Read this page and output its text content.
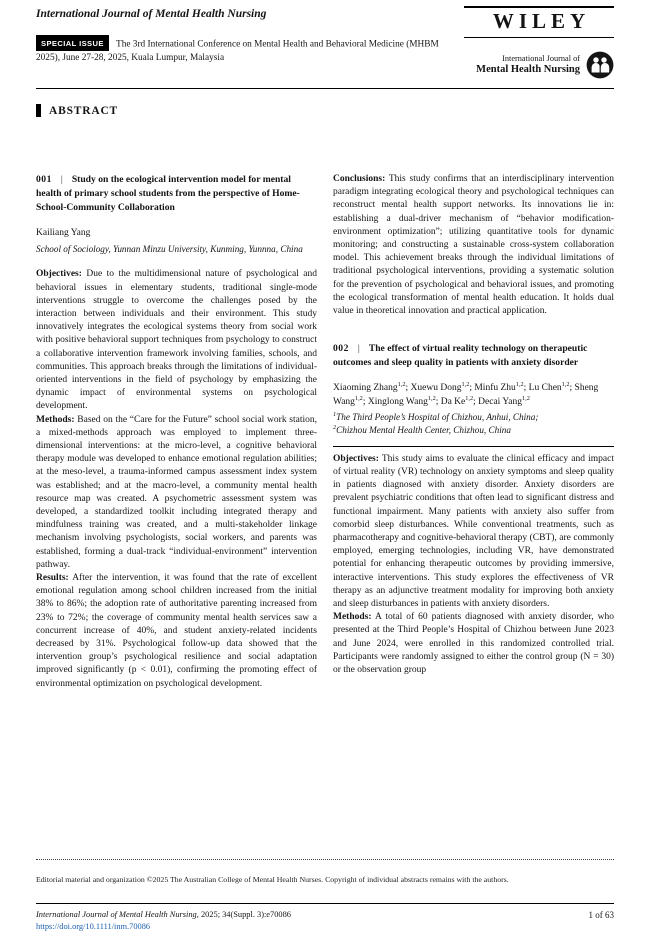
International Journal of Mental Health Nursing

SPECIAL ISSUE The 3rd International Conference on Mental Health and Behavioral Medicine (MHBM 2025), June 27-28, 2025, Kuala Lumpur, Malaysia

WILEY
International Journal of
Mental Health Nursing
ABSTRACT
001 | Study on the ecological intervention model for mental health of primary school students from the perspective of Home-School-Community Collaboration
Kailiang Yang
School of Sociology, Yunnan Minzu University, Kunming, Yunnna, China

Objectives: Due to the multidimensional nature of psychological and behavioral issues in elementary students, traditional single-mode interventions struggle to overcome the challenges posed by the interaction between individuals and their environment. This study innovatively integrates the ecological systems theory from social work with positive behavioral support techniques from psychology to construct a collaborative intervention framework involving families, schools, and communities. This approach breaks through the limitations of individual-oriented interventions in the field of psychology by emphasizing the dynamic impact of environmental systems on psychological development.

Methods: Based on the “Care for the Future” school social work station, a mixed-methods approach was employed to implement three-dimensional interventions: at the micro-level, a cognitive behavioral therapy module was developed to enhance emotional regulation abilities; at the meso-level, a trauma-informed campus assessment index system was established; and at the macro-level, a community mental health resource map was created. A psychometric assessment system was developed, a standardized toolkit including integrated therapy and mindfulness training was created, and a multi-stakeholder linkage mechanism involving psychologists, social workers, and parents was established, forming a dual-track “individual-environment” intervention pathway.

Results: After the intervention, it was found that the rate of excellent emotional regulation among school children increased from the initial 38% to 86%; the adoption rate of authoritative parenting increased from 23% to 72%; the coverage of community mental health services saw a concurrent increase of 40%, and student anxiety-related incidents decreased by 31%. Psychological follow-up data showed that the intervention group’s psychological resilience and social adaptation improved significantly (p < 0.01), confirming the promoting effect of environmental optimization on psychological development.

Conclusions: This study confirms that an interdisciplinary intervention paradigm integrating ecological theory and psychological techniques can reconstruct mental health support networks. Its innovations lie in: establishing a dual-driver mechanism of “behavior modification-environment optimization”; utilizing quantitative tools for dynamic monitoring; and constructing a sustainable cross-system collaboration model. This achievement breaks through the individual limitations of traditional psychological interventions, providing a systematic solution for the prevention of psychological and behavioral issues, and promoting the ecological transformation of mental health education. It holds dual value in theoretical innovation and practical application.

002 | The effect of virtual reality technology on therapeutic outcomes and sleep quality in patients with anxiety disorder
Xiaoming Zhang$^{1,2}$; Xuewu Dong$^{1,2}$; Minfu Zhu$^{1,2}$; Lu Chen$^{1,2}$; Sheng Wang$^{1,2}$; Xinglong Wang$^{1,2}$; Da Ke$^{1,2}$; Decai Yang$^{1,2}$
$^1$The Third People’s Hospital of Chizhou, Anhui, China;
$^2$Chizhou Mental Health Center, Chizhou, China

Objectives: This study aims to evaluate the clinical efficacy and impact of virtual reality (VR) technology on anxiety symptoms and sleep quality in patients diagnosed with anxiety disorder. Anxiety disorders are prevalent psychiatric conditions that often lead to significant distress and functional impairment. Many patients with anxiety also suffer from comorbid sleep disturbances. While conventional treatments, such as pharmacotherapy and cognitive-behavioral therapy (CBT), are commonly employed, emerging technologies, including VR, have demonstrated potential for enhancing therapeutic outcomes by providing immersive, interactive interventions. This study explores the effectiveness of VR therapy as an adjunctive treatment modality for improving both anxiety and sleep disturbances in patients with anxiety disorders.

Methods: A total of 60 patients diagnosed with anxiety disorder, who presented at the Third People’s Hospital of Chizhou between June 2023 and June 2024, were enrolled in this randomized controlled trial. Participants were randomly assigned to either the control group (N = 30) or the observation group

Editorial material and organization ©2025 The Australian College of Mental Health Nurses. Copyright of individual abstracts remains with the authors.

International Journal of Mental Health Nursing, 2025; 34(Suppl. 3):e70086
https://doi.org/10.1111/inm.70086
1 of 63
